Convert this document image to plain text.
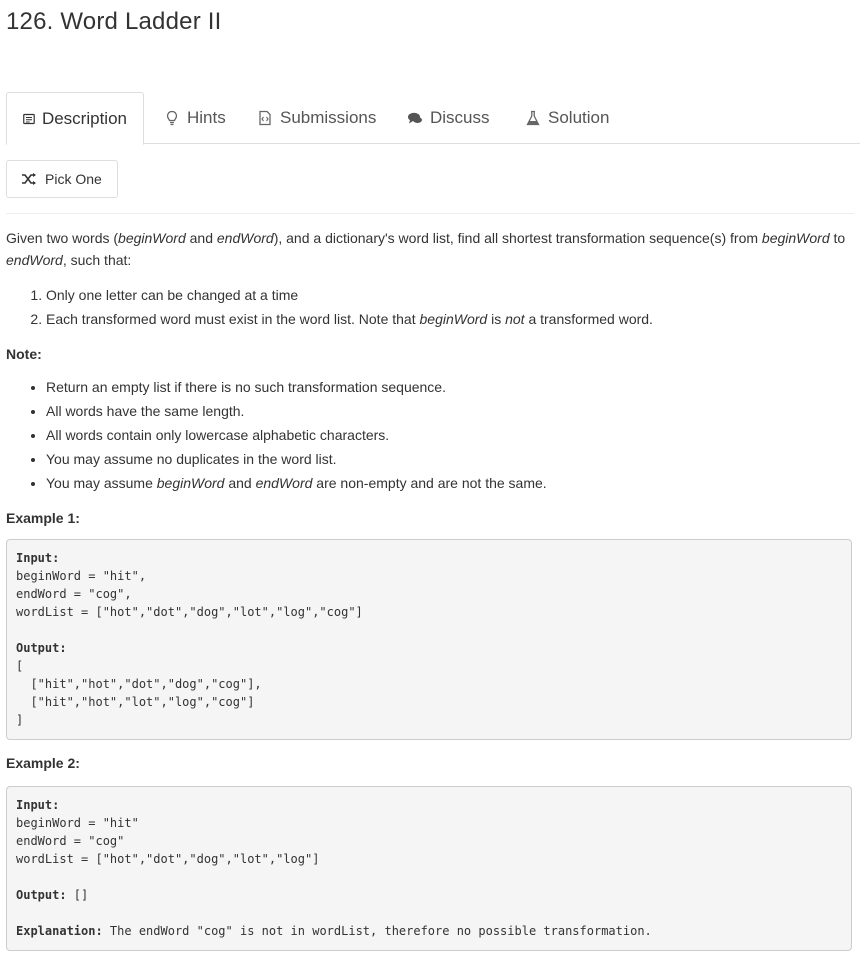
126. Word Ladder II
Description	Hints	Submissions	Discuss	Solution
Pick One

Given two words (beginWord and endWord), and a dictionary's word list, find all shortest transformation sequence(s) from beginWord to
endWord, such that:

1. Only one letter can be changed at a time
2. Each transformed word must exist in the word list. Note that beginWord is not a transformed word.

Note:

• Return an empty list if there is no such transformation sequence.
• All words have the same length.
• All words contain only lowercase alphabetic characters.
• You may assume no duplicates in the word list.
• You may assume beginWord and endWord are non-empty and are not the same.

Example 1:

Input:
beginWord = "hit",
endWord = "cog",
wordList = ["hot","dot","dog","lot","log","cog"]

Output:
[
["hit","hot","dot","dog","cog"],
["hit","hot","lot","log","cog"]
]

Example 2:

Input:
beginWord = "hit"
endWord = "cog"
wordList = ["hot","dot","dog","lot","log"]

Output: []

Explanation: The endWord "cog" is not in wordList, therefore no possible transformation.
